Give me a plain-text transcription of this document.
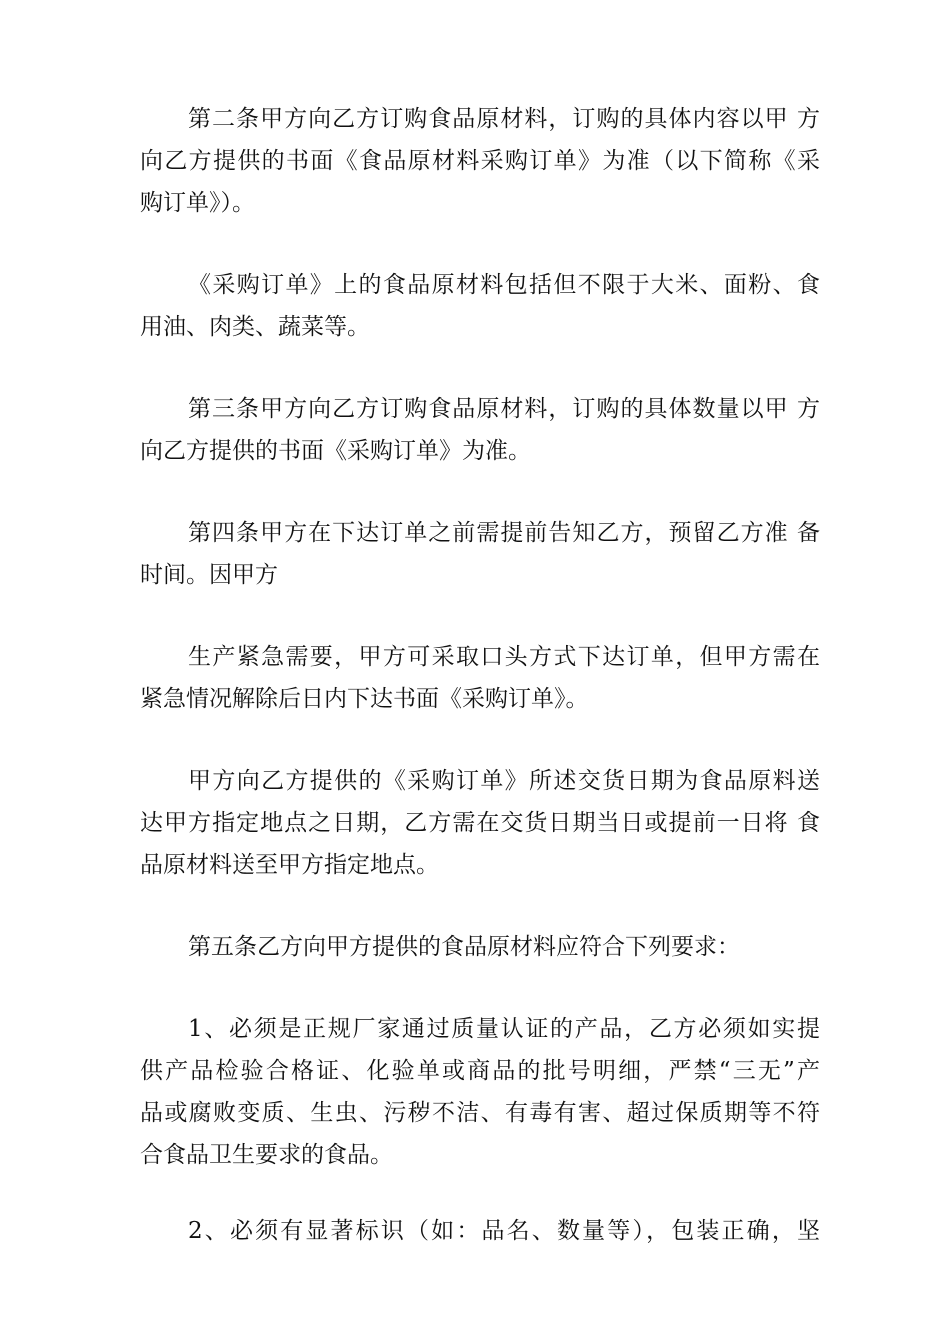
第二条甲方向乙方订购食品原材料，订购的具体内容以甲 方
向乙方提供的书面《食品原材料采购订单》为准（以下简称《采
购订单》）。
《采购订单》上的食品原材料包括但不限于大米、面粉、食
用油、肉类、蔬菜等。
第三条甲方向乙方订购食品原材料，订购的具体数量以甲 方
向乙方提供的书面《采购订单》为准。
第四条甲方在下达订单之前需提前告知乙方，预留乙方准 备
时间。因甲方
生产紧急需要，甲方可采取口头方式下达订单，但甲方需在
紧急情况解除后日内下达书面《采购订单》。
甲方向乙方提供的《采购订单》所述交货日期为食品原料送
达甲方指定地点之日期，乙方需在交货日期当日或提前一日将 食
品原材料送至甲方指定地点。
第五条乙方向甲方提供的食品原材料应符合下列要求：
1、必须是正规厂家通过质量认证的产品，乙方必须如实提
供产品检验合格证、化验单或商品的批号明细，严禁“三无”产
品或腐败变质、生虫、污秽不洁、有毒有害、超过保质期等不符
合食品卫生要求的食品。
2、必须有显著标识（如：品名、数量等），包装正确，坚
